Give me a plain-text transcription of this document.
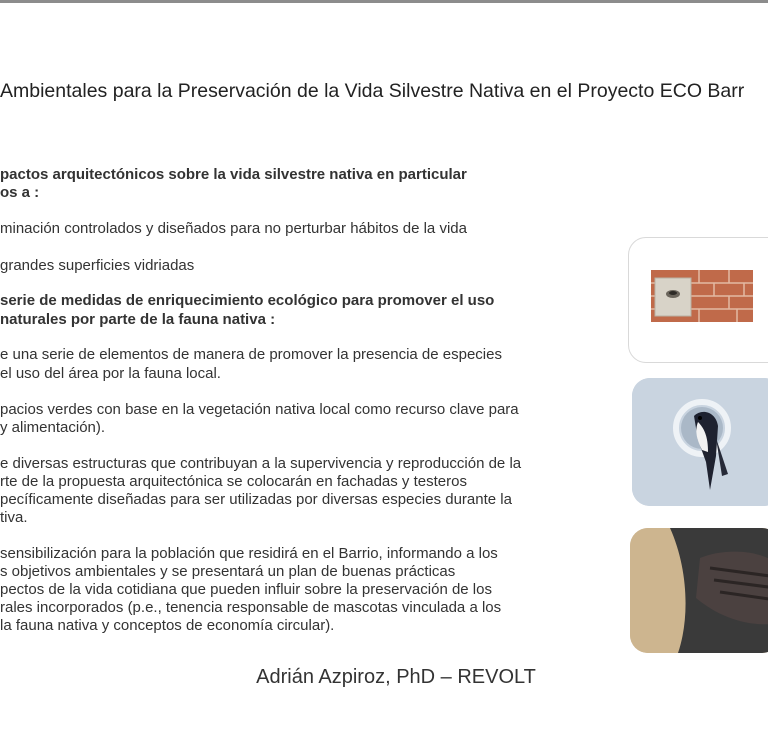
Ambientales para la Preservación de la Vida Silvestre Nativa en el Proyecto ECO Barr
pactos arquitectónicos sobre la vida silvestre nativa en particular
os a :
minación controlados y diseñados para no perturbar hábitos de la vida
grandes superficies vidriadas
serie de medidas de enriquecimiento ecológico para promover el uso
naturales por parte de la fauna nativa :
e una serie de elementos de manera de promover la presencia de especies
el uso del área por la fauna local.
pacios verdes con base en la vegetación nativa local como recurso clave para
y alimentación).
e diversas estructuras que contribuyan a la supervivencia y reproducción de la
rte de la propuesta arquitectónica se colocarán en fachadas y testeros
pecíficamente diseñadas para ser utilizadas por diversas especies durante la
tiva.
sensibilización para la población que residirá en el Barrio, informando a los
s objetivos ambientales y se presentará un plan de buenas prácticas
pectos de la vida cotidiana que pueden influir sobre la preservación de los
rales incorporados (p.e., tenencia responsable de mascotas vinculada a los
la fauna nativa y conceptos de economía circular).
Adrián Azpiroz, PhD – REVOLT
